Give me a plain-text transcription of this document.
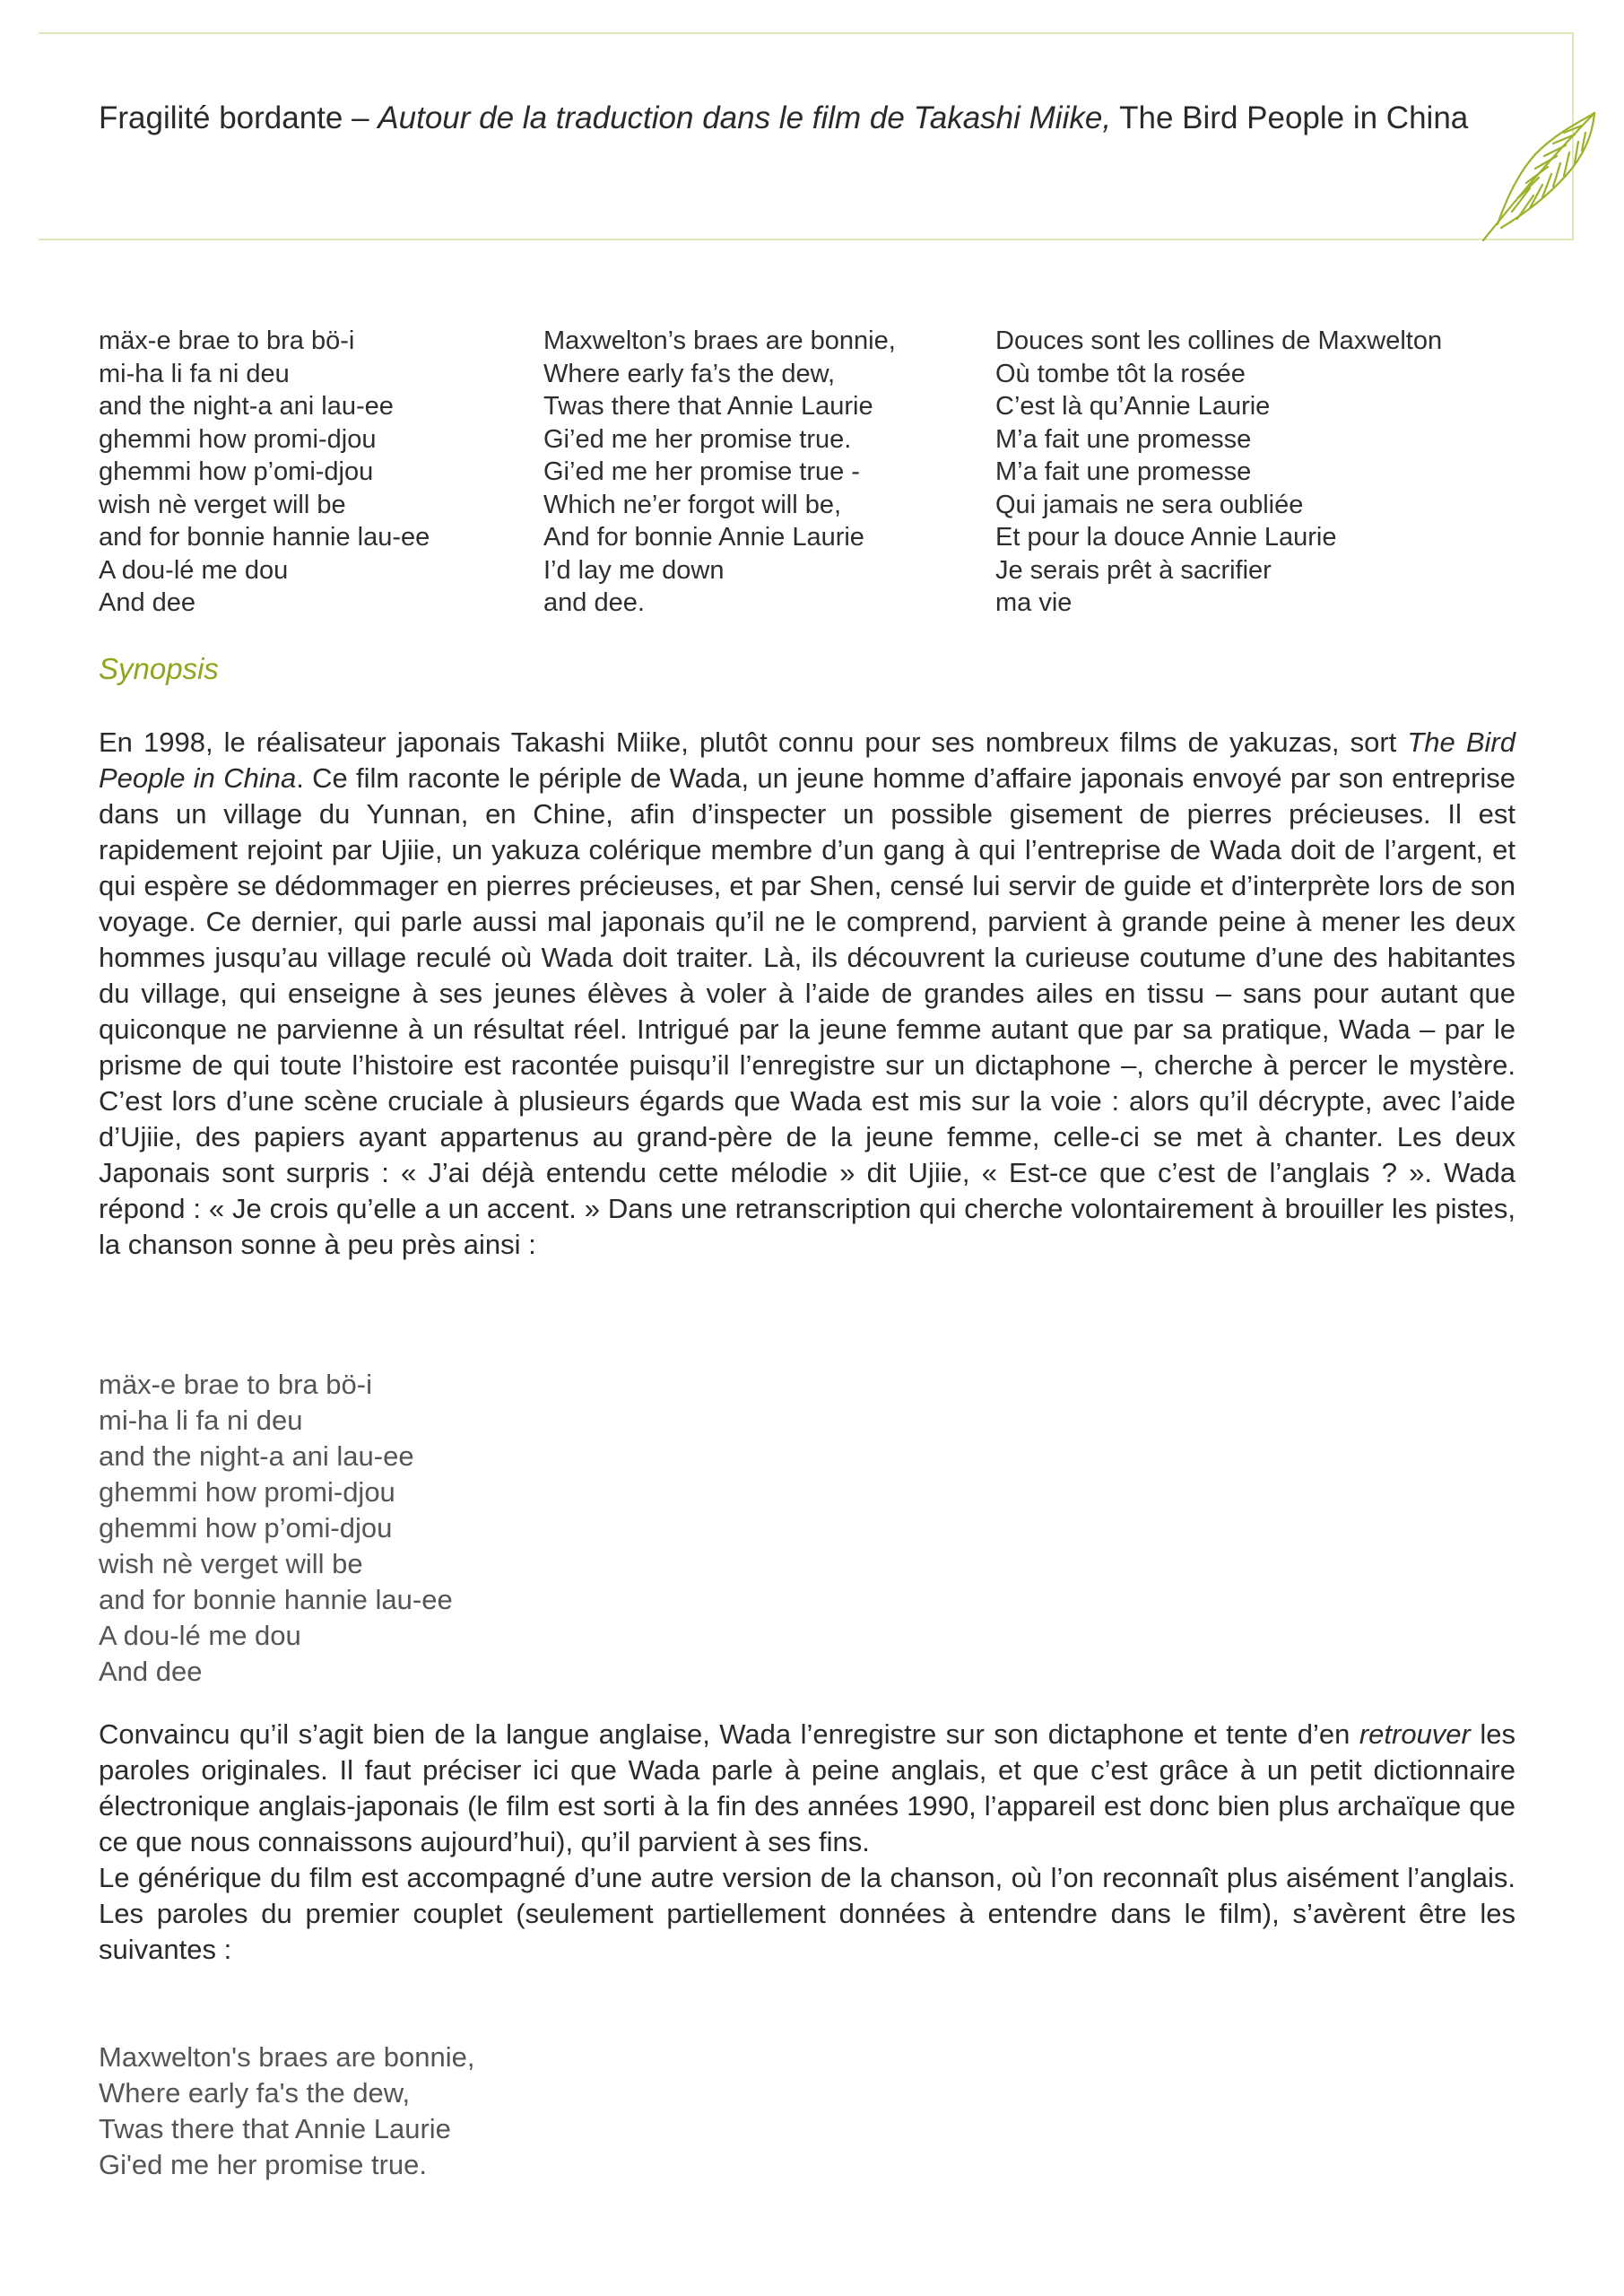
Fragilité bordante – Autour de la traduction dans le film de Takashi Miike, The Bird People in China
mäx-e brae to bra bö-i
mi-ha li fa ni deu
and the night-a ani lau-ee
ghemmi how promi-djou
ghemmi how p’omi-djou
wish nè verget will be
and for bonnie hannie lau-ee
A dou-lé me dou
And dee
Maxwelton’s braes are bonnie,
Where early fa’s the dew,
Twas there that Annie Laurie
Gi’ed me her promise true.
Gi’ed me her promise true -
Which ne’er forgot will be,
And for bonnie Annie Laurie
I’d lay me down
and dee.
Douces sont les collines de Maxwelton
Où tombe tôt la rosée
C’est là qu’Annie Laurie
M’a fait une promesse
M’a fait une promesse
Qui jamais ne sera oubliée
Et pour la douce Annie Laurie
Je serais prêt à sacrifier
ma vie
Synopsis
En 1998, le réalisateur japonais Takashi Miike, plutôt connu pour ses nombreux films de yakuzas, sort The Bird People in China. Ce film raconte le périple de Wada, un jeune homme d’affaire japonais envoyé par son entreprise dans un village du Yunnan, en Chine, afin d’inspecter un possible gisement de pierres précieuses. Il est rapidement rejoint par Ujiie, un yakuza colérique membre d’un gang à qui l’entreprise de Wada doit de l’argent, et qui espère se dédommager en pierres précieuses, et par Shen, censé lui servir de guide et d’interprète lors de son voyage. Ce dernier, qui parle aussi mal japonais qu’il ne le comprend, parvient à grande peine à mener les deux hommes jusqu’au village reculé où Wada doit traiter. Là, ils découvrent la curieuse coutume d’une des habitantes du village, qui enseigne à ses jeunes élèves à voler à l’aide de grandes ailes en tissu – sans pour autant que quiconque ne parvienne à un résultat réel. Intrigué par la jeune femme autant que par sa pratique, Wada – par le prisme de qui toute l’histoire est racontée puisqu’il l’enregistre sur un dictaphone –, cherche à percer le mystère. C’est lors d’une scène cruciale à plusieurs égards que Wada est mis sur la voie : alors qu’il décrypte, avec l’aide d’Ujiie, des papiers ayant appartenus au grand-père de la jeune femme, celle-ci se met à chanter. Les deux Japonais sont surpris : « J’ai déjà entendu cette mélodie » dit Ujiie, « Est-ce que c’est de l’anglais ? ». Wada répond : « Je crois qu’elle a un accent. » Dans une retranscription qui cherche volontairement à brouiller les pistes, la chanson sonne à peu près ainsi :
mäx-e brae to bra bö-i
mi-ha li fa ni deu
and the night-a ani lau-ee
ghemmi how promi-djou
ghemmi how p’omi-djou
wish nè verget will be
and for bonnie hannie lau-ee
A dou-lé me dou
And dee
Convaincu qu’il s’agit bien de la langue anglaise, Wada l’enregistre sur son dictaphone et tente d’en retrouver les paroles originales. Il faut préciser ici que Wada parle à peine anglais, et que c’est grâce à un petit dictionnaire électronique anglais-japonais (le film est sorti à la fin des années 1990, l’appareil est donc bien plus archaïque que ce que nous connaissons aujourd’hui), qu’il parvient à ses fins.
Le générique du film est accompagné d’une autre version de la chanson, où l’on reconnaît plus aisément l’anglais. Les paroles du premier couplet (seulement partiellement données à entendre dans le film), s’avèrent être les suivantes :
Maxwelton's braes are bonnie,
Where early fa's the dew,
Twas there that Annie Laurie
Gi'ed me her promise true.
